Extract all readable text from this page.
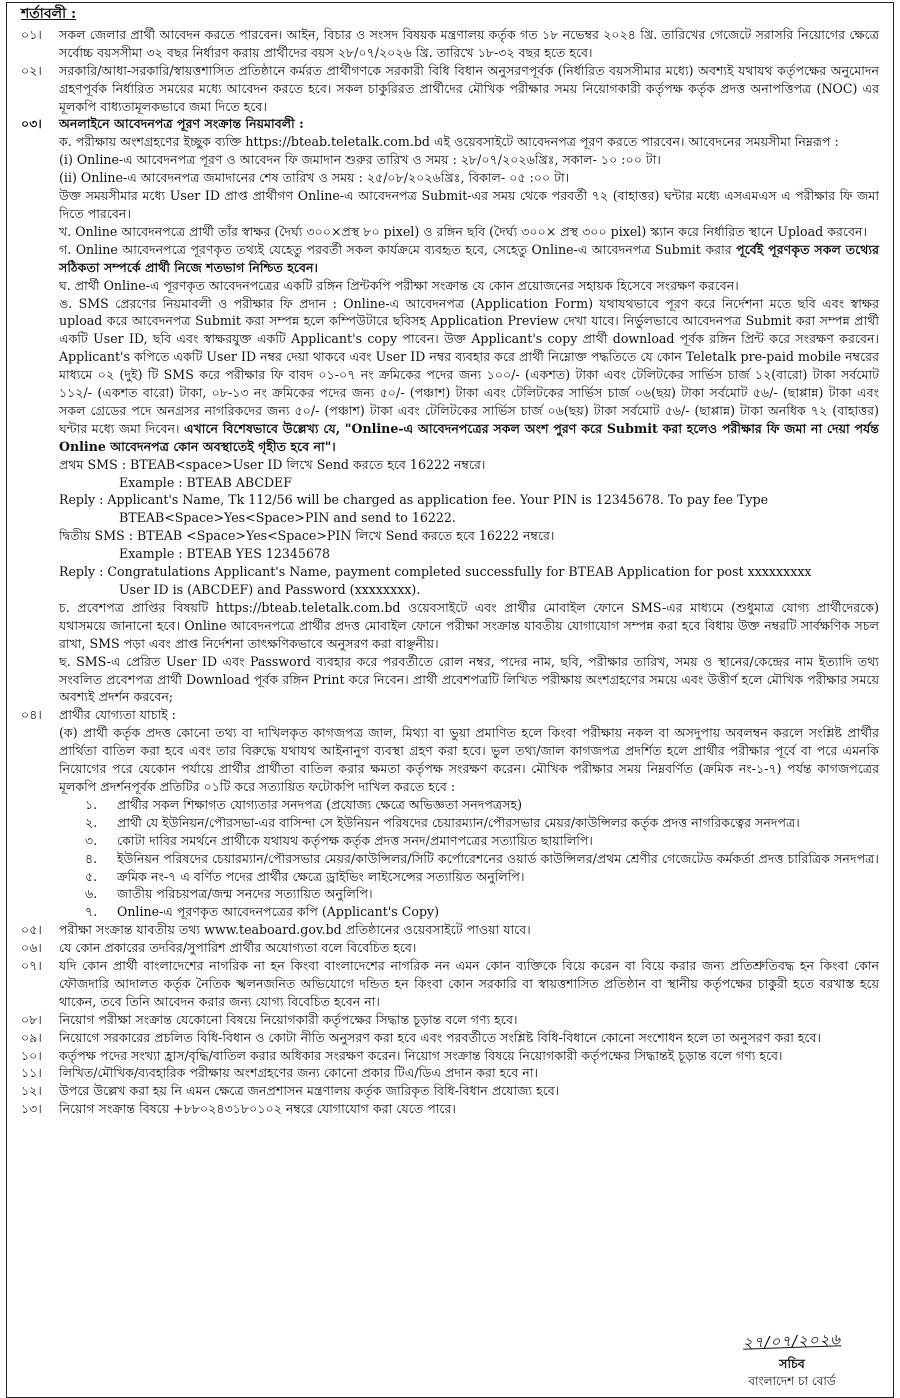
শর্তাবলী :
০১।	সকল জেলার প্রার্থী আবেদন করতে পারবেন। আইন, বিচার ও সংসদ বিষয়ক মন্ত্রণালয় কর্তৃক গত ১৮ নভেম্বর ২০২৪ খ্রি. তারিখের গেজেটে সরাসরি নিয়োগের ক্ষেত্রে সর্বোচ্চ বয়সসীমা ৩২ বছর নির্ধারণ করায় প্রার্থীদের বয়স ২৮/০৭/২০২৬ খ্রি. তারিখে ১৮-৩২ বছর হতে হবে।
০২।	সরকারি/আধা-সরকারি/স্বায়ত্তশাসিত প্রতিষ্ঠানে কর্মরত প্রার্থীগণকে সরকারী বিধি বিধান অনুসরণপূর্বক (নির্ধারিত বয়সসীমার মধ্যে) অবশ্যই যথাযথ কর্তৃপক্ষের অনুমোদন গ্রহণপূর্বক নির্ধারিত সময়ের মধ্যে আবেদন করতে হবে। সকল চাকুরিরত প্রার্থীদের মৌখিক পরীক্ষার সময় নিয়োগকারী কর্তৃপক্ষ কর্তৃক প্রদত্ত অনাপত্তিপত্র (NOC) এর মূলকপি বাধ্যতামূলকভাবে জমা দিতে হবে।
০৩।	অনলাইনে আবেদনপত্র পূরণ সংক্রান্ত নিয়মাবলী :

ক. পরীক্ষায় অংশগ্রহণের ইচ্ছুক ব্যক্তি https://bteab.teletalk.com.bd এই ওয়েবসাইটে আবেদনপত্র পূরণ করতে পারবেন। আবেদনের সময়সীমা নিম্নরূপ :

(i) Online-এ আবেদনপত্র পূরণ ও আবেদন ফি জমাদান শুরুর তারিখ ও সময় : ২৮/০৭/২০২৬খ্রিঃ, সকাল- ১০ :০০ টা।

(ii) Online-এ আবেদনপত্র জমাদানের শেষ তারিখ ও সময় : ২৫/০৮/২০২৬খ্রিঃ, বিকাল- ০৫ :০০ টা।

উক্ত সময়সীমার মধ্যে User ID প্রাপ্ত প্রার্থীগণ Online-এ আবেদনপত্র Submit-এর সময় থেকে পরবর্তী ৭২ (বাহাত্তর) ঘন্টার মধ্যে এসএমএস এ পরীক্ষার ফি জমা দিতে পারবেন।

খ. Online আবেদনপত্রে প্রার্থী তাঁর স্বাক্ষর (দৈর্ঘ্য ৩০০×প্রস্থ ৮০ pixel) ও রঙ্গিন ছবি (দৈর্ঘ্য ৩০০× প্রস্থ ৩০০ pixel) স্ক্যান করে নির্ধারিত স্থানে Upload করবেন।

গ. Online আবেদনপত্রে পূরণকৃত তথ্যই যেহেতু পরবর্তী সকল কার্যক্রমে ব্যবহৃত হবে, সেহেতু Online-এ আবেদনপত্র Submit করার পূর্বেই পূরণকৃত সকল তথ্যের সঠিকতা সম্পর্কে প্রার্থী নিজে শতভাগ নিশ্চিত হবেন।

ঘ. প্রার্থী Online-এ পূরণকৃত আবেদনপত্রের একটি রঙ্গিন প্রিন্টকপি পরীক্ষা সংক্রান্ত যে কোন প্রয়োজনের সহায়ক হিসেবে সংরক্ষণ করবেন।

ঙ. SMS প্রেরণের নিয়মাবলী ও পরীক্ষার ফি প্রদান : Online-এ আবেদনপত্র (Application Form) যথাযথভাবে পূরণ করে নির্দেশনা মতে ছবি এবং স্বাক্ষর upload করে আবেদনপত্র Submit করা সম্পন্ন হলে কম্পিউটারে ছবিসহ Application Preview দেখা যাবে। নির্ভুলভাবে আবেদনপত্র Submit করা সম্পন্ন প্রার্থী একটি User ID, ছবি এবং স্বাক্ষরযুক্ত একটি Applicant's copy পাবেন। উক্ত Applicant's copy প্রার্থী download পূর্বক রঙ্গিন প্রিন্ট করে সংরক্ষণ করবেন। Applicant's কপিতে একটি User ID নম্বর দেয়া থাকবে এবং User ID নম্বর ব্যবহার করে প্রার্থী নিম্নোক্ত পদ্ধতিতে যে কোন Teletalk pre-paid mobile নম্বরের মাধ্যমে ০২ (দুই) টি SMS করে পরীক্ষার ফি বাবদ ০১-০৭ নং ক্রমিকের পদের জন্য ১০০/- (একশত) টাকা এবং টেলিটকের সার্ভিস চার্জ ১২(বারো) টাকা সর্বমোট ১১২/- (একশত বারো) টাকা, ০৮-১৩ নং ক্রমিকের পদের জন্য ৫০/- (পঞ্চাশ) টাকা এবং টেলিটকের সার্ভিস চার্জ ০৬(ছয়) টাকা সর্বমোট ৫৬/- (ছাপ্পান্ন) টাকা এবং সকল গ্রেডের পদে অনগ্রসর নাগরিকদের জন্য ৫০/- (পঞ্চাশ) টাকা এবং টেলিটকের সার্ভিস চার্জ ০৬(ছয়) টাকা সর্বমোট ৫৬/- (ছাপ্পান্ন) টাকা অনধিক ৭২ (বাহাত্তর) ঘন্টার মধ্যে জমা দিবেন। এখানে বিশেষভাবে উল্লেখ্য যে, "Online-এ আবেদনপত্রের সকল অংশ পুরণ করে Submit করা হলেও পরীক্ষার ফি জমা না দেয়া পর্যন্ত Online আবেদনপত্র কোন অবস্থাতেই গৃহীত হবে না"।

প্রথম SMS : BTEAB<space>User ID লিখে Send করতে হবে 16222 নম্বরে।

Example : BTEAB ABCDEF

Reply : Applicant's Name, Tk 112/56 will be charged as application fee. Your PIN is 12345678. To pay fee Type

BTEAB<Space>Yes<Space>PIN and send to 16222.

দ্বিতীয় SMS : BTEAB <Space>Yes<Space>PIN লিখে Send করতে হবে 16222 নম্বরে।

Example : BTEAB YES 12345678

Reply : Congratulations Applicant's Name, payment completed successfully for BTEAB Application for post xxxxxxxxx

User ID is (ABCDEF) and Password (xxxxxxxx).

চ. প্রবেশপত্র প্রাপ্তির বিষয়টি https://bteab.teletalk.com.bd ওয়েবসাইটে এবং প্রার্থীর মোবাইল ফোনে SMS-এর মাধ্যমে (শুধুমাত্র যোগ্য প্রার্থীদেরকে) যথাসময়ে জানানো হবে। Online আবেদনপত্রে প্রার্থীর প্রদত্ত মোবাইল ফোনে পরীক্ষা সংক্রান্ত যাবতীয় যোগাযোগ সম্পন্ন করা হবে বিধায় উক্ত নম্বরটি সার্বক্ষণিক সচল রাখা, SMS পড়া এবং প্রাপ্ত নির্দেশনা তাৎক্ষণিকভাবে অনুসরণ করা বাঞ্ছনীয়।

ছ. SMS-এ প্রেরিত User ID এবং Password ব্যবহার করে পরবর্তীতে রোল নম্বর, পদের নাম, ছবি, পরীক্ষার তারিখ, সময় ও স্থানের/কেন্দ্রের নাম ইত্যাদি তথ্য সংবলিত প্রবেশপত্র প্রার্থী Download পূর্বক রঙ্গিন Print করে নিবেন। প্রার্থী প্রবেশপত্রটি লিখিত পরীক্ষায় অংশগ্রহণের সময়ে এবং উত্তীর্ণ হলে মৌখিক পরীক্ষার সময়ে অবশ্যই প্রদর্শন করবেন;

০৪।	প্রার্থীর যোগ্যতা যাচাই :

(ক) প্রার্থী কর্তৃক প্রদত্ত কোনো তথ্য বা দাখিলকৃত কাগজপত্র জাল, মিথ্যা বা ভুয়া প্রমাণিত হলে কিংবা পরীক্ষায় নকল বা অসদুপায় অবলম্বন করলে সংশ্লিষ্ট প্রার্থীর প্রার্থিতা বাতিল করা হবে এবং তার বিরুদ্ধে যথাযথ আইনানুগ ব্যবস্থা গ্রহণ করা হবে। ভুল তথ্য/জাল কাগজপত্র প্রদর্শিত হলে প্রার্থীর পরীক্ষার পূর্বে বা পরে এমনকি নিয়োগের পরে যেকোন পর্যায়ে প্রার্থীর প্রার্থীতা বাতিল করার ক্ষমতা কর্তৃপক্ষ সংরক্ষণ করেন। মৌখিক পরীক্ষার সময় নিম্নবর্ণিত (ক্রমিক নং-১-৭) পর্যন্ত কাগজপত্রের মূলকপি প্রদর্শনপূর্বক প্রতিটির ০১টি করে সত্যায়িত ফটোকপি দাখিল করতে হবে :

১.	প্রার্থীর সকল শিক্ষাগত যোগ্যতার সনদপত্র (প্রযোজ্য ক্ষেত্রে অভিজ্ঞতা সনদপত্রসহ)
২.	প্রার্থী যে ইউনিয়ন/পৌরসভা-এর বাসিন্দা সে ইউনিয়ন পরিষদের চেয়ারম্যান/পৌরসভার মেয়র/কাউন্সিলর কর্তৃক প্রদত্ত নাগরিকত্বের সনদপত্র।
৩.	কোটা দাবির সমর্থনে প্রার্থীকে যথাযথ কর্তৃপক্ষ কর্তৃক প্রদত্ত সনদ/প্রমাণপত্রের সত্যায়িত ছায়ালিপি।
৪.	ইউনিয়ন পরিষদের চেয়ারম্যান/পৌরসভার মেয়র/কাউন্সিলর/সিটি কর্পোরেশনের ওয়ার্ড কাউন্সিলর/প্রথম শ্রেণীর গেজেটেড কর্মকর্তা প্রদত্ত চারিত্রিক সনদপত্র।
৫.	ক্রমিক নং-৭ এ বর্ণিত পদের প্রার্থীর ক্ষেত্রে ড্রাইভিং লাইসেন্সের সত্যায়িত অনুলিপি।
৬.	জাতীয় পরিচয়পত্র/জন্ম সনদের সত্যায়িত অনুলিপি।
৭.	Online-এ পূরণকৃত আবেদনপত্রের কপি (Applicant's Copy)
০৫।	পরীক্ষা সংক্রান্ত যাবতীয় তথ্য www.teaboard.gov.bd প্রতিষ্ঠানের ওয়েবসাইটে পাওয়া যাবে।
০৬।	যে কোন প্রকারের তদবির/সুপারিশ প্রার্থীর অযোগ্যতা বলে বিবেচিত হবে।
০৭।	যদি কোন প্রার্থী বাংলাদেশের নাগরিক না হন কিংবা বাংলাদেশের নাগরিক নন এমন কোন ব্যক্তিকে বিয়ে করেন বা বিয়ে করার জন্য প্রতিশ্রুতিবদ্ধ হন কিংবা কোন ফৌজদারি আদালত কর্তৃক নৈতিক স্খলনজনিত অভিযোগে দন্ডিত হন কিংবা কোন সরকারি বা স্বায়ত্তশাসিত প্রতিষ্ঠান বা স্থানীয় কর্তৃপক্ষের চাকুরী হতে বরখাস্ত হয়ে থাকেন, তবে তিনি আবেদন করার জন্য যোগ্য বিবেচিত হবেন না।
০৮।	নিয়োগ পরীক্ষা সংক্রান্ত যেকোনো বিষয়ে নিয়োগকারী কর্তৃপক্ষের সিদ্ধান্ত চূড়ান্ত বলে গণ্য হবে।
০৯।	নিয়োগে সরকারের প্রচলিত বিধি-বিধান ও কোটা নীতি অনুসরণ করা হবে এবং পরবর্তীতে সংশ্লিষ্ট বিধি-বিধানে কোনো সংশোধন হলে তা অনুসরণ করা হবে।
১০।	কর্তৃপক্ষ পদের সংখ্যা হ্রাস/বৃদ্ধি/বাতিল করার অধিকার সংরক্ষণ করেন। নিয়োগ সংক্রান্ত বিষয়ে নিয়োগকারী কর্তৃপক্ষের সিদ্ধান্তই চূড়ান্ত বলে গণ্য হবে।
১১।	লিখিত/মৌখিক/ব্যবহারিক পরীক্ষায় অংশগ্রহণের জন্য কোনো প্রকার টিএ/ডিএ প্রদান করা হবে না।
১২।	উপরে উল্লেখ করা হয় নি এমন ক্ষেত্রে জনপ্রশাসন মন্ত্রণালয় কর্তৃক জারিকৃত বিধি-বিধান প্রযোজ্য হবে।
১৩।	নিয়োগ সংক্রান্ত বিষয়ে +৮৮০২৪৩১৮০১০২ নম্বরে যোগাযোগ করা যেতে পারে।
২৭/০৭/২০২৬
সচিব
বাংলাদেশ চা বোর্ড
